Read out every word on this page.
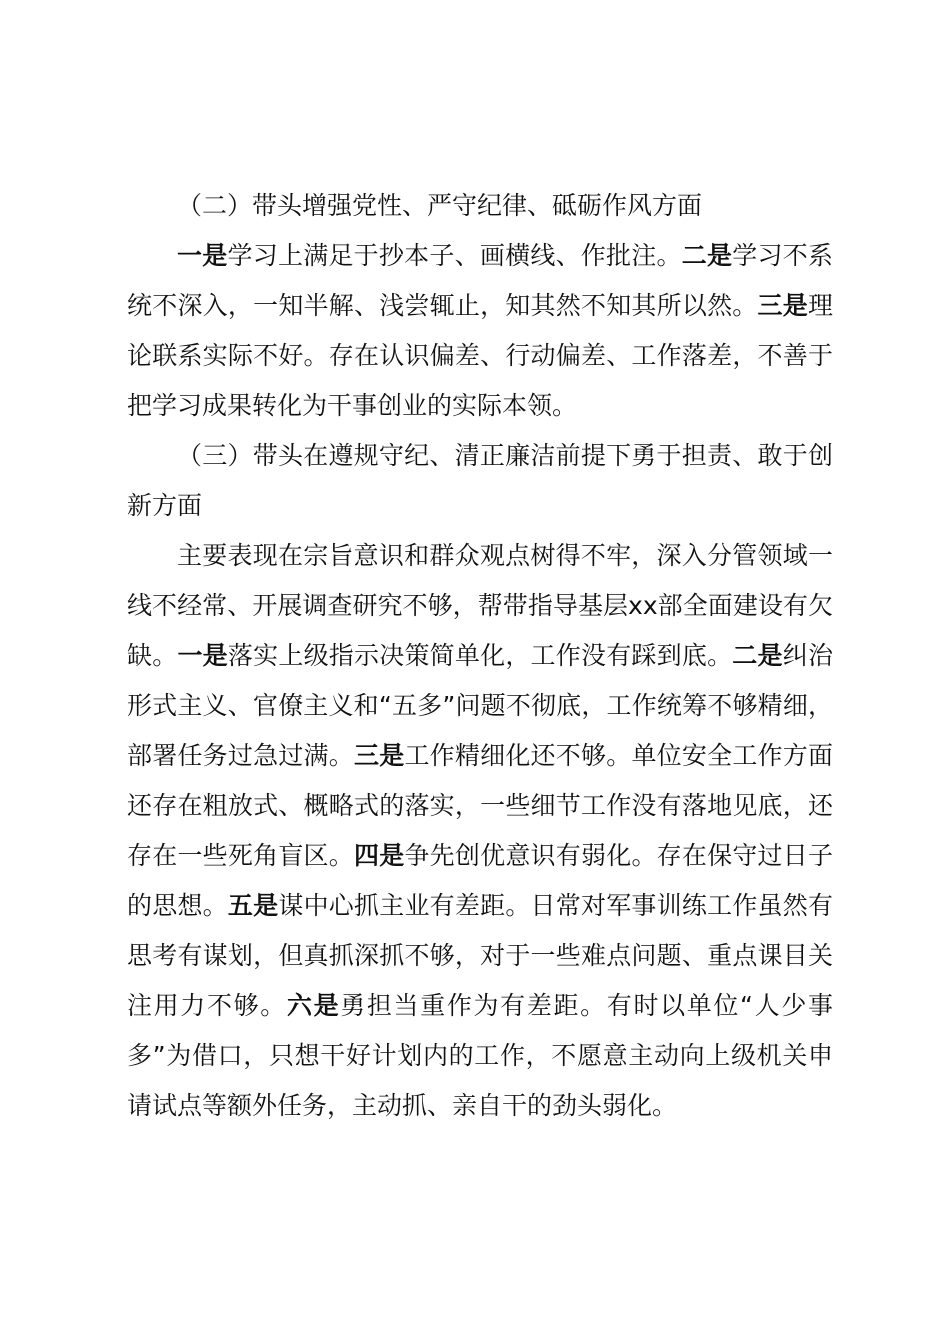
（二）带头增强党性、严守纪律、砥砺作风方面

一是学习上满足于抄本子、画横线、作批注。二是学习不系统不深入，一知半解、浅尝辄止，知其然不知其所以然。三是理论联系实际不好。存在认识偏差、行动偏差、工作落差，不善于把学习成果转化为干事创业的实际本领。

（三）带头在遵规守纪、清正廉洁前提下勇于担责、敢于创新方面

主要表现在宗旨意识和群众观点树得不牢，深入分管领域一线不经常、开展调查研究不够，帮带指导基层xx部全面建设有欠缺。一是落实上级指示决策简单化，工作没有踩到底。二是纠治形式主义、官僚主义和“五多”问题不彻底，工作统筹不够精细，部署任务过急过满。三是工作精细化还不够。单位安全工作方面还存在粗放式、概略式的落实，一些细节工作没有落地见底，还存在一些死角盲区。四是争先创优意识有弱化。存在保守过日子的思想。五是谋中心抓主业有差距。日常对军事训练工作虽然有思考有谋划，但真抓深抓不够，对于一些难点问题、重点课目关注用力不够。六是勇担当重作为有差距。有时以单位“人少事多”为借口，只想干好计划内的工作，不愿意主动向上级机关申请试点等额外任务，主动抓、亲自干的劲头弱化。
